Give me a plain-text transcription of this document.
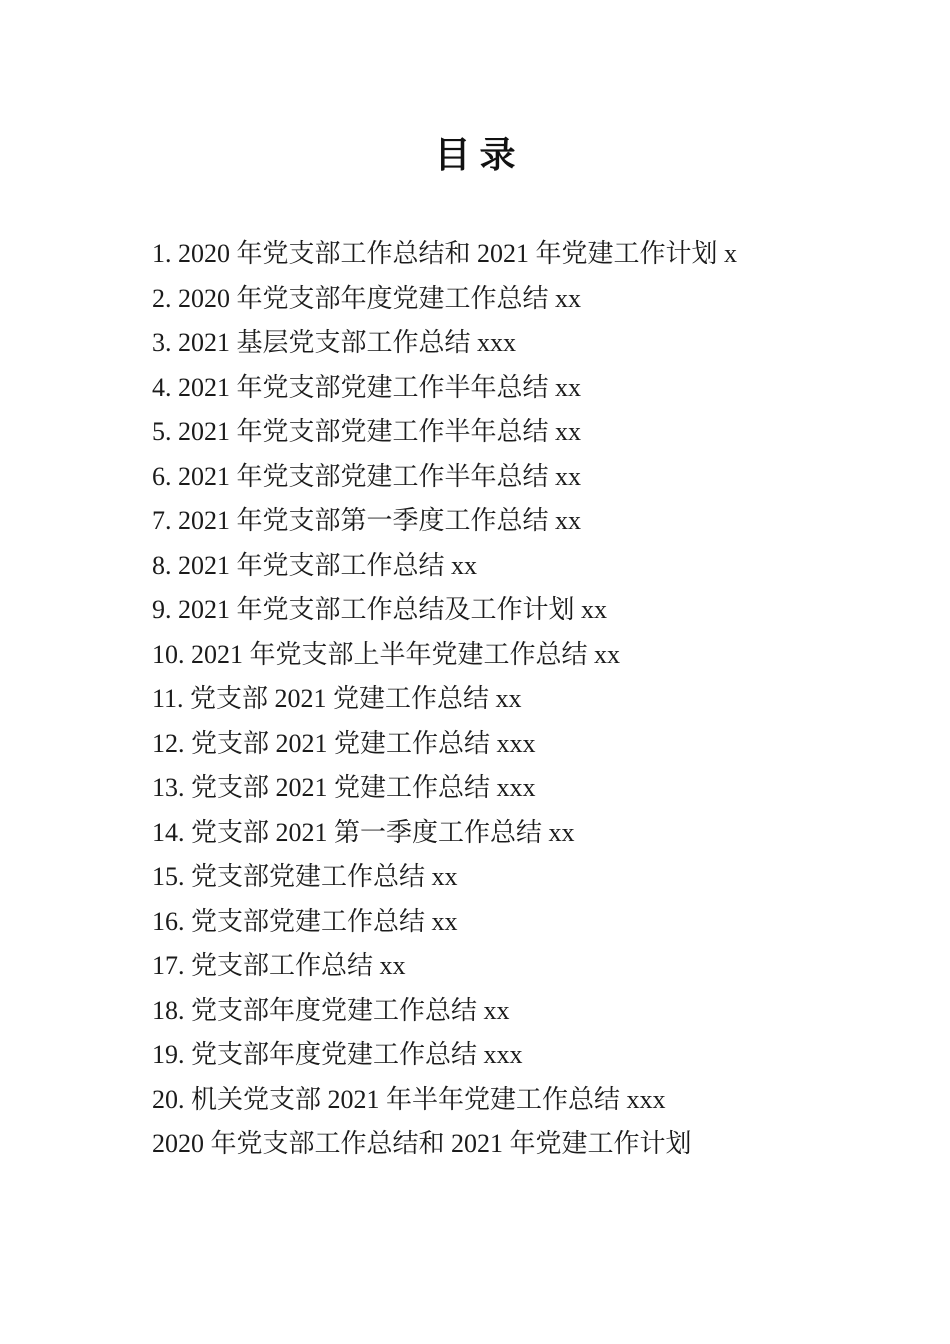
目 录

1. 2020 年党支部工作总结和 2021 年党建工作计划 x

2. 2020 年党支部年度党建工作总结 xx

3. 2021 基层党支部工作总结 xxx

4. 2021 年党支部党建工作半年总结 xx

5. 2021 年党支部党建工作半年总结 xx

6. 2021 年党支部党建工作半年总结 xx

7. 2021 年党支部第一季度工作总结 xx

8. 2021 年党支部工作总结 xx

9. 2021 年党支部工作总结及工作计划 xx

10. 2021 年党支部上半年党建工作总结 xx

11. 党支部 2021 党建工作总结 xx

12. 党支部 2021 党建工作总结 xxx

13. 党支部 2021 党建工作总结 xxx

14. 党支部 2021 第一季度工作总结 xx

15. 党支部党建工作总结 xx

16. 党支部党建工作总结 xx

17. 党支部工作总结 xx

18. 党支部年度党建工作总结 xx

19. 党支部年度党建工作总结 xxx

20. 机关党支部 2021 年半年党建工作总结 xxx

2020 年党支部工作总结和 2021 年党建工作计划
